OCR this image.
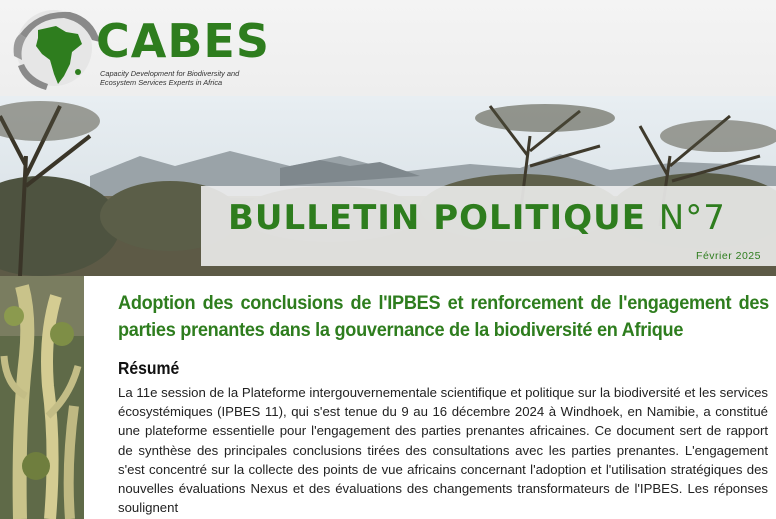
CABES
Capacity Development for Biodiversity and
Ecosystem Services Experts in Africa
BULLETIN POLITIQUE N°7
Février 2025
Adoption des conclusions de l'IPBES et renforcement de l'engagement des parties prenantes dans la gouvernance de la biodiversité en Afrique
Résumé

La 11e session de la Plateforme intergouvernementale scientifique et politique sur la biodiversité et les services écosystémiques (IPBES 11), qui s'est tenue du 9 au 16 décembre 2024 à Windhoek, en Namibie, a constitué une plateforme essentielle pour l'engagement des parties prenantes africaines. Ce document sert de rapport de synthèse des principales conclusions tirées des consultations avec les parties prenantes. L'engagement s'est concentré sur la collecte des points de vue africains concernant l'adoption et l'utilisation stratégiques des nouvelles évaluations Nexus et des évaluations des changements transformateurs de l'IPBES. Les réponses soulignent
